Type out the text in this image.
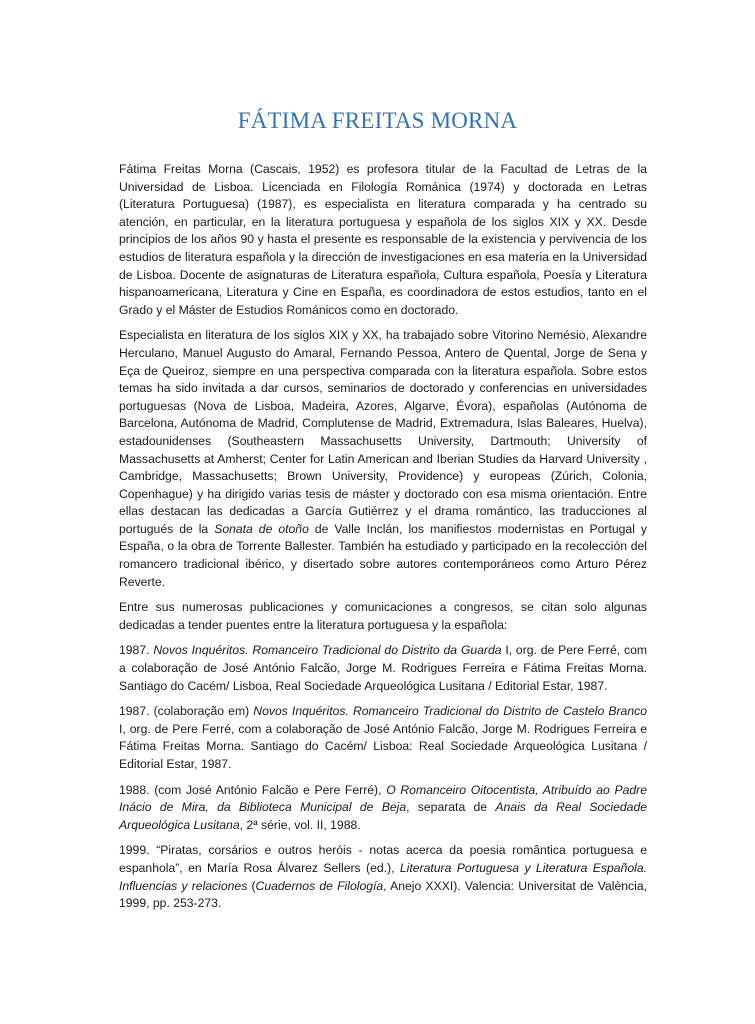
FÁTIMA FREITAS MORNA

Fátima Freitas Morna (Cascais, 1952) es profesora titular de la Facultad de Letras de la Universidad de Lisboa. Licenciada en Filología Románica (1974) y doctorada en Letras (Literatura Portuguesa) (1987), es especialista en literatura comparada y ha centrado su atención, en particular, en la literatura portuguesa y española de los siglos XIX y XX. Desde principios de los años 90 y hasta el presente es responsable de la existencia y pervivencia de los estudios de literatura española y la dirección de investigaciones en esa materia en la Universidad de Lisboa. Docente de asignaturas de Literatura española, Cultura española, Poesía y Literatura hispanoamericana, Literatura y Cine en España, es coordinadora de estos estudios, tanto en el Grado y el Máster de Estudios Románicos como en doctorado.

Especialista en literatura de los siglos XIX y XX, ha trabajado sobre Vitorino Nemésio, Alexandre Herculano, Manuel Augusto do Amaral, Fernando Pessoa, Antero de Quental, Jorge de Sena y Eça de Queiroz, siempre en una perspectiva comparada con la literatura española. Sobre estos temas ha sido invitada a dar cursos, seminarios de doctorado y conferencias en universidades portuguesas (Nova de Lisboa, Madeira, Azores, Algarve, Évora), españolas (Autónoma de Barcelona, Autónoma de Madrid, Complutense de Madrid, Extremadura, Islas Baleares, Huelva), estadounidenses (Southeastern Massachusetts University, Dartmouth; University of Massachusetts at Amherst; Center for Latin American and Iberian Studies da Harvard University , Cambridge, Massachusetts; Brown University, Providence) y europeas (Zúrich, Colonia, Copenhague) y ha dirigido varias tesis de máster y doctorado con esa misma orientación. Entre ellas destacan las dedicadas a García Gutiérrez y el drama romántico, las traducciones al portugués de la Sonata de otoño de Valle Inclán, los manifiestos modernistas en Portugal y España, o la obra de Torrente Ballester. También ha estudiado y participado en la recolección del romancero tradicional ibérico, y disertado sobre autores contemporáneos como Arturo Pérez Reverte.

Entre sus numerosas publicaciones y comunicaciones a congresos, se citan solo algunas dedicadas a tender puentes entre la literatura portuguesa y la española:

1987. Novos Inquéritos. Romanceiro Tradicional do Distrito da Guarda I, org. de Pere Ferré, com a colaboração de José António Falcão, Jorge M. Rodrigues Ferreira e Fátima Freitas Morna. Santiago do Cacém/ Lisboa, Real Sociedade Arqueológica Lusitana / Editorial Estar, 1987.

1987. (colaboração em) Novos Inquéritos. Romanceiro Tradicional do Distrito de Castelo Branco I, org. de Pere Ferré, com a colaboração de José António Falcão, Jorge M. Rodrigues Ferreira e Fátima Freitas Morna. Santiago do Cacém/ Lisboa: Real Sociedade Arqueológica Lusitana / Editorial Estar, 1987.

1988. (com José António Falcão e Pere Ferré), O Romanceiro Oitocentista, Atribuído ao Padre Inácio de Mira, da Biblioteca Municipal de Beja, separata de Anais da Real Sociedade Arqueológica Lusitana, 2ª série, vol. II, 1988.

1999. “Piratas, corsários e outros heróis - notas acerca da poesia romântica portuguesa e espanhola”, en María Rosa Álvarez Sellers (ed.), Literatura Portuguesa y Literatura Española. Influencias y relaciones (Cuadernos de Filología, Anejo XXXI). Valencia: Universitat de València, 1999, pp. 253-273.
